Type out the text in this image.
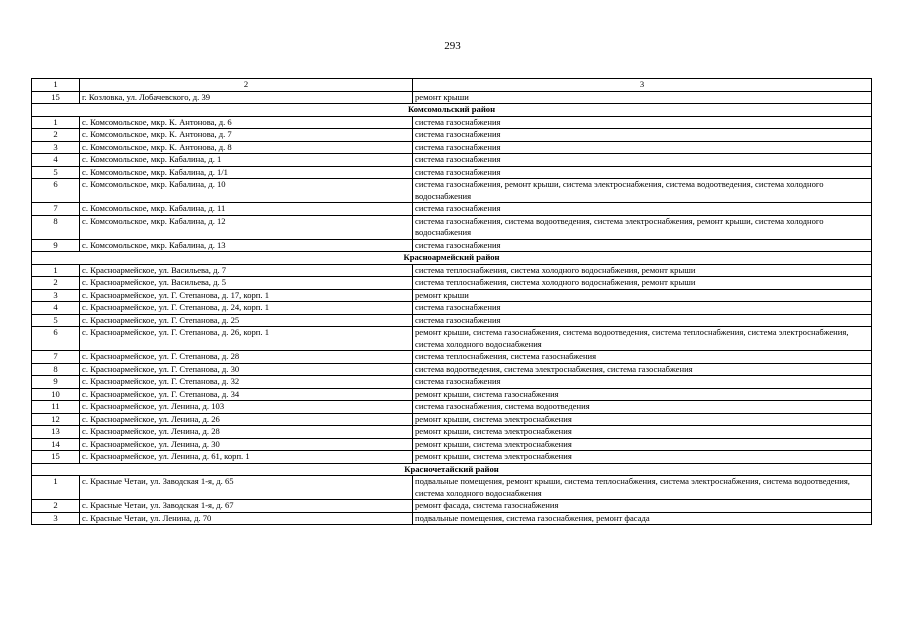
293
1	2	3
15	г. Козловка, ул. Лобачевского, д. 39	ремонт крыши
Комсомольский район		
1	с. Комсомольское, мкр. К. Антонова, д. 6	система газоснабжения
2	с. Комсомольское, мкр. К. Антонова, д. 7	система газоснабжения
3	с. Комсомольское, мкр. К. Антонова, д. 8	система газоснабжения
4	с. Комсомольское, мкр. Кабалина, д. 1	система газоснабжения
5	с. Комсомольское, мкр. Кабалина, д. 1/1	система газоснабжения
6	с. Комсомольское, мкр. Кабалина, д. 10	система газоснабжения, ремонт крыши, система электроснабжения, система водоотведения, система холодного водоснабжения
7	с. Комсомольское, мкр. Кабалина, д. 11	система газоснабжения
8	с. Комсомольское, мкр. Кабалина, д. 12	система газоснабжения, система водоотведения, система электроснабжения, ремонт крыши, система холодного водоснабжения
9	с. Комсомольское, мкр. Кабалина, д. 13	система газоснабжения
Красноармейский район		
1	с. Красноармейское, ул. Васильева, д. 7	система теплоснабжения, система холодного водоснабжения, ремонт крыши
2	с. Красноармейское, ул. Васильева, д. 5	система теплоснабжения, система холодного водоснабжения, ремонт крыши
3	с. Красноармейское, ул. Г. Степанова, д. 17, корп. 1	ремонт крыши
4	с. Красноармейское, ул. Г. Степанова, д. 24, корп. 1	система газоснабжения
5	с. Красноармейское, ул. Г. Степанова, д. 25	система газоснабжения
6	с. Красноармейское, ул. Г. Степанова, д. 26, корп. 1	ремонт крыши, система газоснабжения, система водоотведения, система теплоснабжения, система электроснабжения, система холодного водоснабжения
7	с. Красноармейское, ул. Г. Степанова, д. 28	система теплоснабжения, система газоснабжения
8	с. Красноармейское, ул. Г. Степанова, д. 30	система водоотведения, система электроснабжения, система газоснабжения
9	с. Красноармейское, ул. Г. Степанова, д. 32	система газоснабжения
10	с. Красноармейское, ул. Г. Степанова, д. 34	ремонт крыши, система газоснабжения
11	с. Красноармейское, ул. Ленина, д. 103	система газоснабжения, система водоотведения
12	с. Красноармейское, ул. Ленина, д. 26	ремонт крыши, система электроснабжения
13	с. Красноармейское, ул. Ленина, д. 28	ремонт крыши, система электроснабжения
14	с. Красноармейское, ул. Ленина, д. 30	ремонт крыши, система электроснабжения
15	с. Красноармейское, ул. Ленина, д. 61, корп. 1	ремонт крыши, система электроснабжения
Красночетайский район		
1	с. Красные Четаи, ул. Заводская 1-я, д. 65	подвальные помещения, ремонт крыши, система теплоснабжения, система электроснабжения, система водоотведения, система холодного водоснабжения
2	с. Красные Четаи, ул. Заводская 1-я, д. 67	ремонт фасада, система газоснабжения
3	с. Красные Четаи, ул. Ленина, д. 70	подвальные помещения, система газоснабжения, ремонт фасада
